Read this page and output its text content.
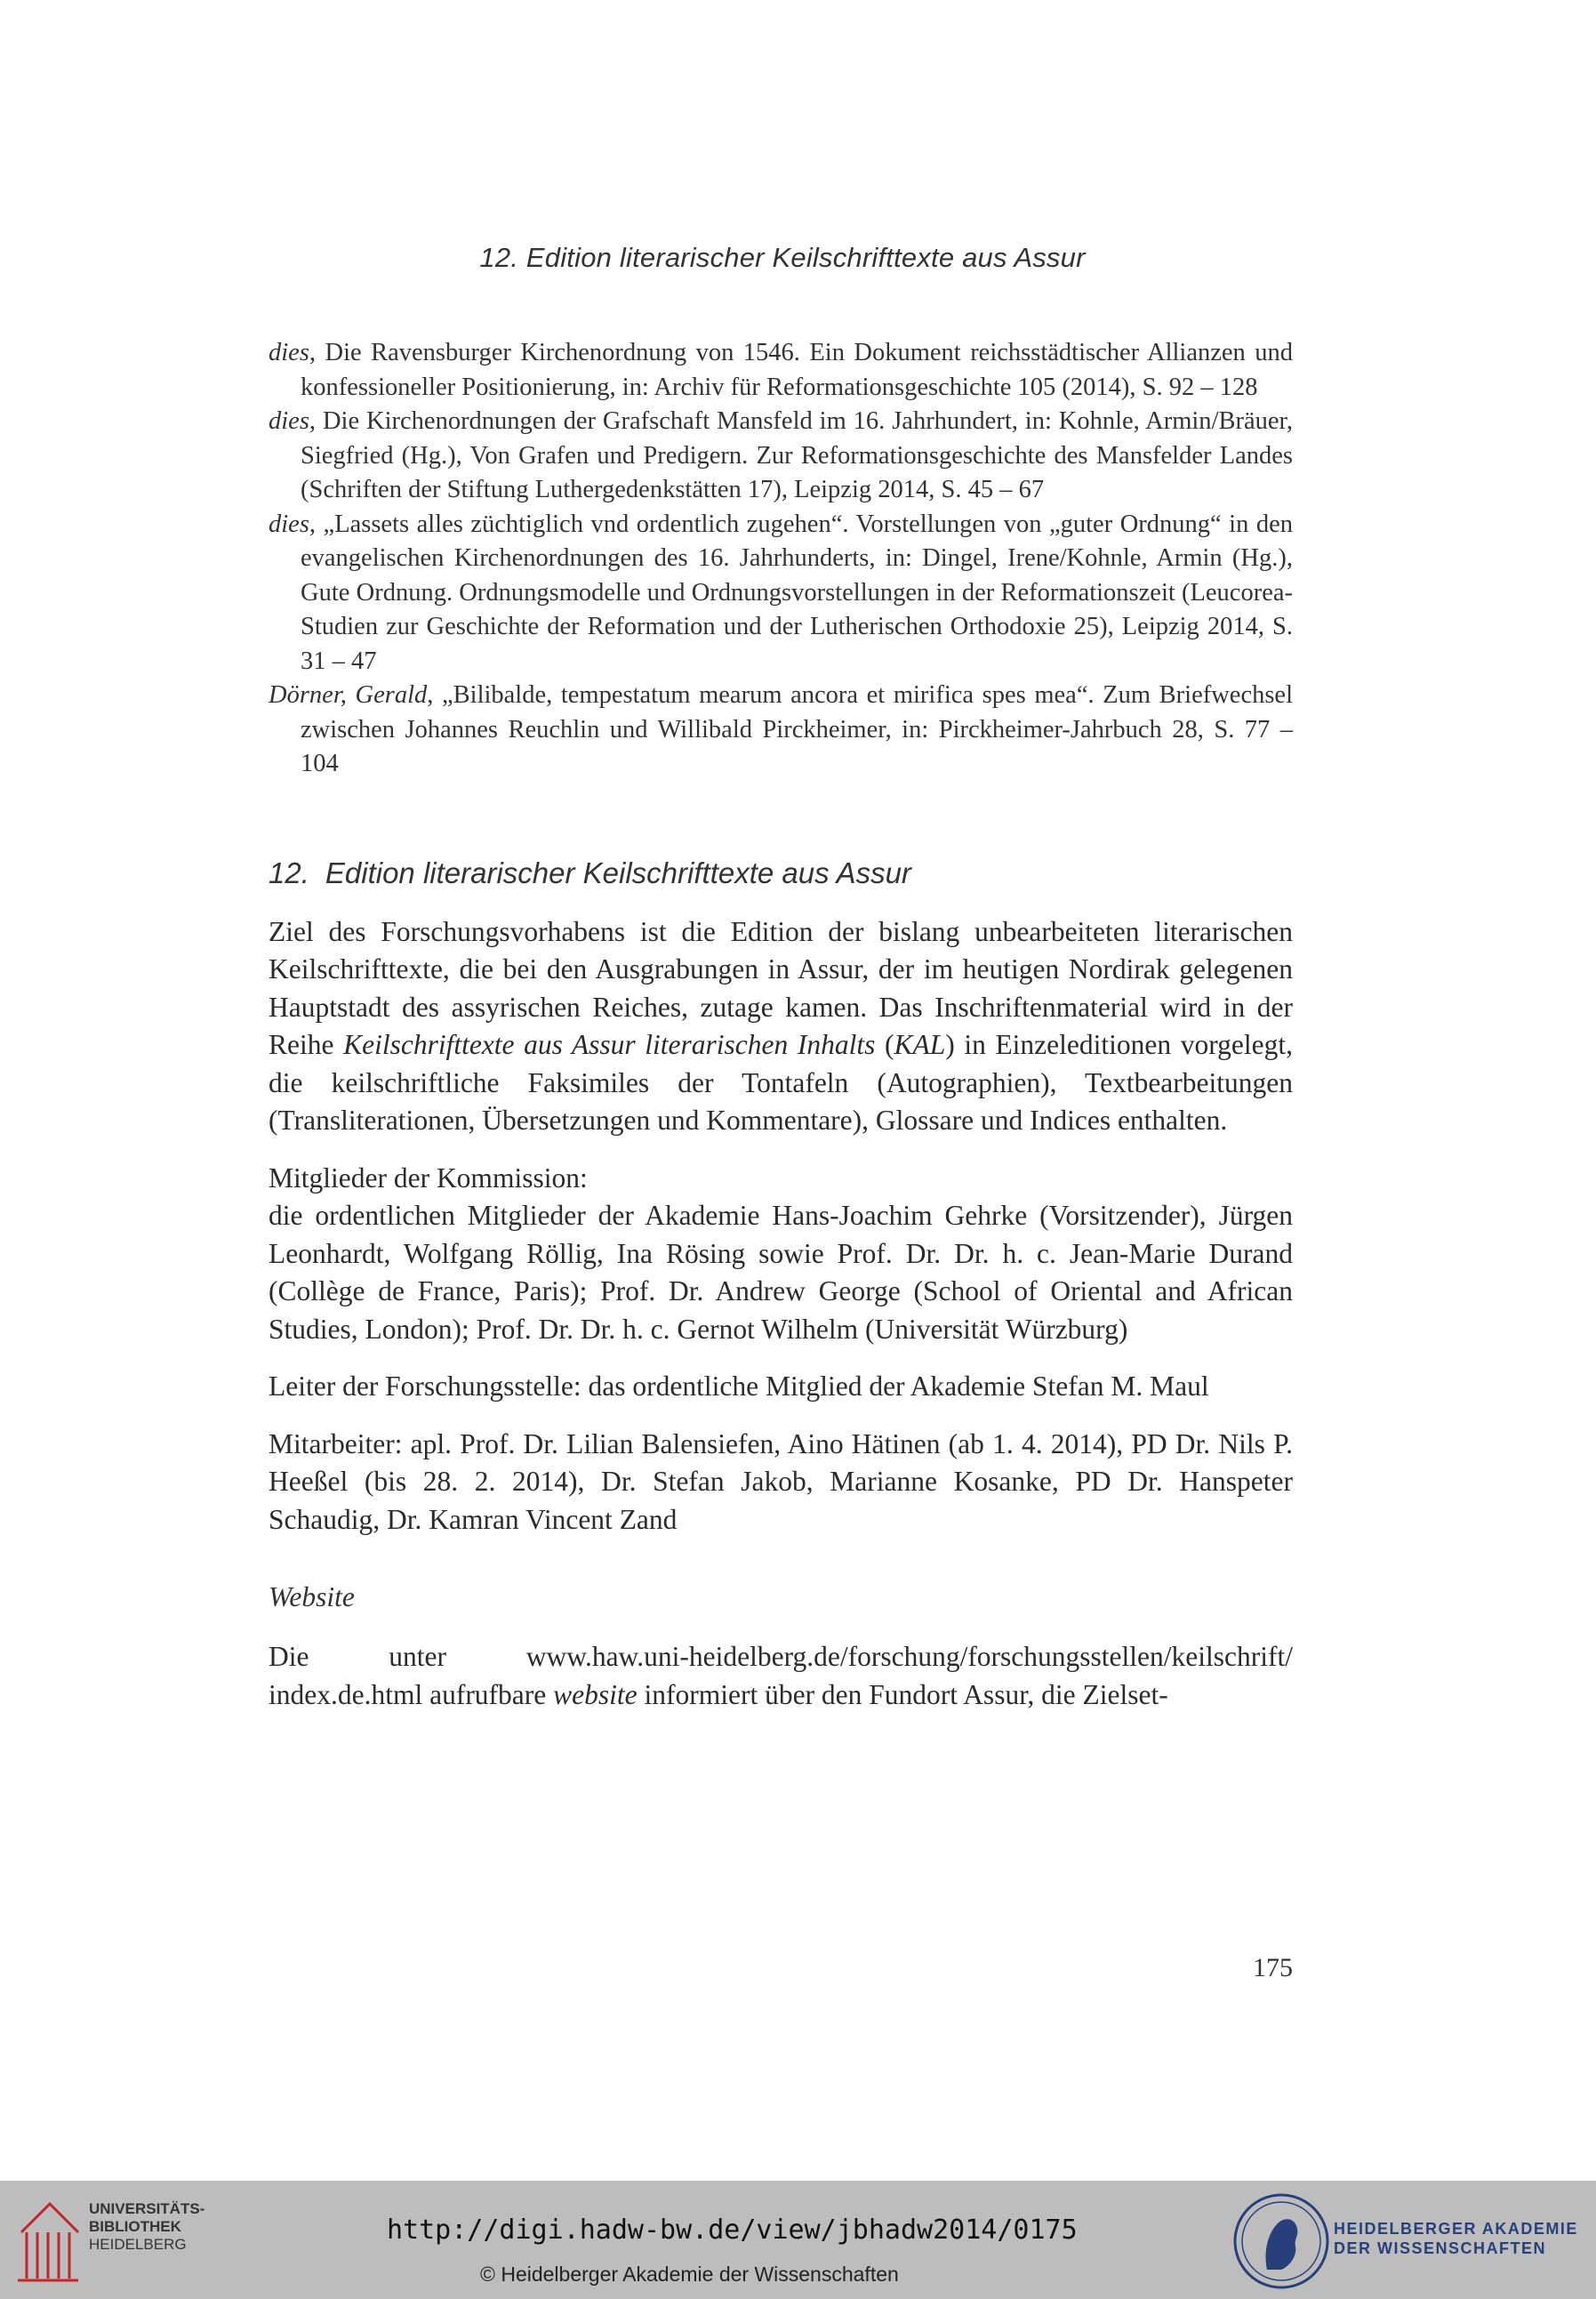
12. Edition literarischer Keilschrifttexte aus Assur

dies, Die Ravensburger Kirchenordnung von 1546. Ein Dokument reichsstädtischer Allianzen und konfessioneller Positionierung, in: Archiv für Reformationsgeschichte 105 (2014), S. 92 – 128

dies, Die Kirchenordnungen der Grafschaft Mansfeld im 16. Jahrhundert, in: Kohnle, Armin/Bräuer, Siegfried (Hg.), Von Grafen und Predigern. Zur Reformationsgeschichte des Mansfelder Landes (Schriften der Stiftung Luthergedenkstätten 17), Leipzig 2014, S. 45 – 67

dies, „Lassets alles züchtiglich vnd ordentlich zugehen“. Vorstellungen von „guter Ordnung“ in den evangelischen Kirchenordnungen des 16. Jahrhunderts, in: Dingel, Irene/Kohnle, Armin (Hg.), Gute Ordnung. Ordnungsmodelle und Ordnungsvorstellungen in der Reformationszeit (Leucorea-Studien zur Geschichte der Reformation und der Lutherischen Orthodoxie 25), Leipzig 2014, S. 31 – 47

Dörner, Gerald, „Bilibalde, tempestatum mearum ancora et mirifica spes mea“. Zum Briefwechsel zwischen Johannes Reuchlin und Willibald Pirckheimer, in: Pirckheimer-Jahrbuch 28, S. 77 – 104

12. Edition literarischer Keilschrifttexte aus Assur

Ziel des Forschungsvorhabens ist die Edition der bislang unbearbeiteten literarischen Keilschrifttexte, die bei den Ausgrabungen in Assur, der im heutigen Nordirak gelegenen Hauptstadt des assyrischen Reiches, zutage kamen. Das Inschriftenmaterial wird in der Reihe Keilschrifttexte aus Assur literarischen Inhalts (KAL) in Einzeleditionen vorgelegt, die keilschriftliche Faksimiles der Tontafeln (Autographien), Textbearbeitungen (Transliterationen, Übersetzungen und Kommentare), Glossare und Indices enthalten.

Mitglieder der Kommission:

die ordentlichen Mitglieder der Akademie Hans-Joachim Gehrke (Vorsitzender), Jürgen Leonhardt, Wolfgang Röllig, Ina Rösing sowie Prof. Dr. Dr. h. c. Jean-Marie Durand (Collège de France, Paris); Prof. Dr. Andrew George (School of Oriental and African Studies, London); Prof. Dr. Dr. h. c. Gernot Wilhelm (Universität Würzburg)

Leiter der Forschungsstelle: das ordentliche Mitglied der Akademie Stefan M. Maul

Mitarbeiter: apl. Prof. Dr. Lilian Balensiefen, Aino Hätinen (ab 1. 4. 2014), PD Dr. Nils P. Heeßel (bis 28. 2. 2014), Dr. Stefan Jakob, Marianne Kosanke, PD Dr. Hanspeter Schaudig, Dr. Kamran Vincent Zand

Website
Die	unter	www.haw.uni-heidelberg.de/forschung/forschungsstellen/keilschrift/
index.de.html aufrufbare website informiert über den Fundort Assur, die Zielset-
175
UNIVERSITÄTS-
BIBLIOTHEK
HEIDELBERG	http://digi.hadw-bw.de/view/jbhadw2014/0175
© Heidelberger Akademie der Wissenschaften
HEIDELBERGER AKADEMIE
DER WISSENSCHAFTEN
